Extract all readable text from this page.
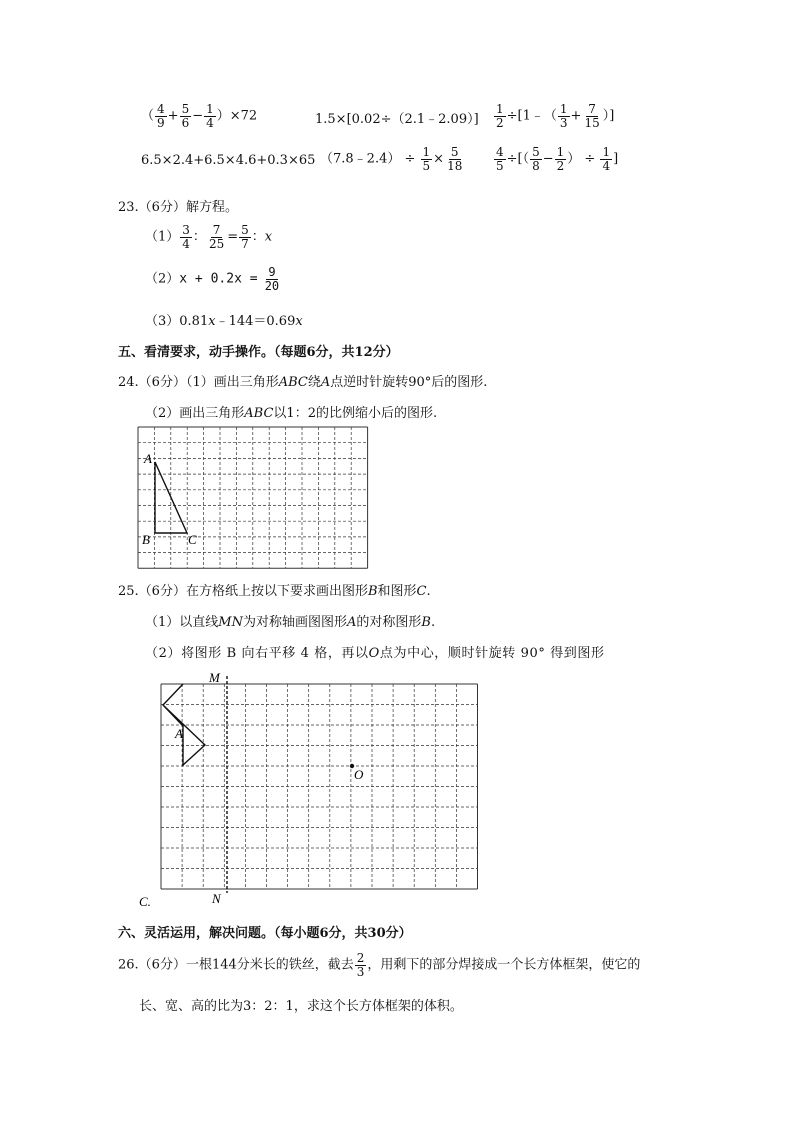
（ $\frac{4}{9} + \frac{5}{6} - \frac{1}{4} )\times 72$	1.5×[0.02÷（2.1﹣2.09）] $\frac{1}{2}$ ÷[1﹣（ $\frac{1}{3} + \frac{7}{15}$ ）]
6.5×2.4+6.5×4.6+0.3×65 （7.8﹣2.4） ÷ $\frac{1}{5} \times \frac{5}{18} \frac{4}{5}$ ÷[（ $\frac{5}{8} - \frac{1}{2}$ ） ÷ $\frac{1}{4}$ ]
23.（6分）解方程。
$(1) \frac{3}{4}$ ： $\frac{7}{25} = \frac{5}{7}$ ：x
$(2)x + 0.2x = \frac{9}{20}$
（3）0.81x﹣144＝0.69x
五、看清要求，动手操作。（每题6分，共12分）
24.（6分）（1）画出三角形ABC绕A点逆时针旋转90°后的图形.
（2）画出三角形ABC以1：2的比例缩小后的图形.
A
B	C
25.（6分）在方格纸上按以下要求画出图形B和图形C.
（1）以直线MN为对称轴画图图形A的对称图形B.
（2）将图形 B 向右平移 4 格，再以O点为中心，顺时针旋转 90° 得到图形
M
N
A
O
C.
六、灵活运用，解决问题。（每小题6分，共30分）
26.（6分）一根144分米长的铁丝，截去 $\frac{2}{3}$ ，用剩下的部分焊接成一个长方体框架，使它的
长、宽、高的比为3：2：1，求这个长方体框架的体积。
